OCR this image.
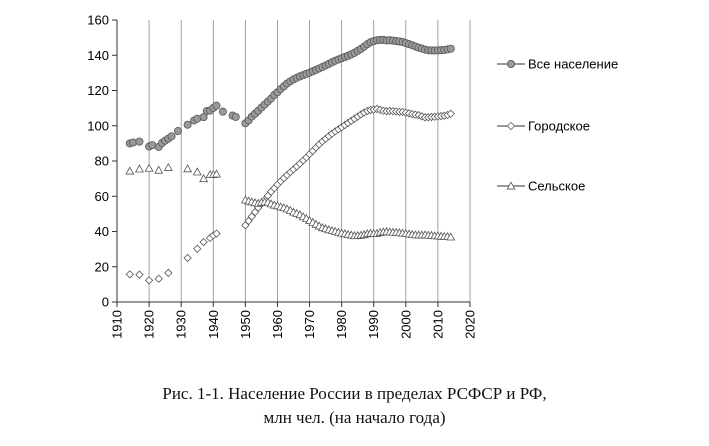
0
20
40
60
80
100
120
140
160
1910 1920 1930 1940 1950 1960 1970 1980 1990 2000 2010 2020
Все население
Городское
Сельское
Рис. 1-1. Население России в пределах РСФСР и РФ,
млн чел. (на начало года)
